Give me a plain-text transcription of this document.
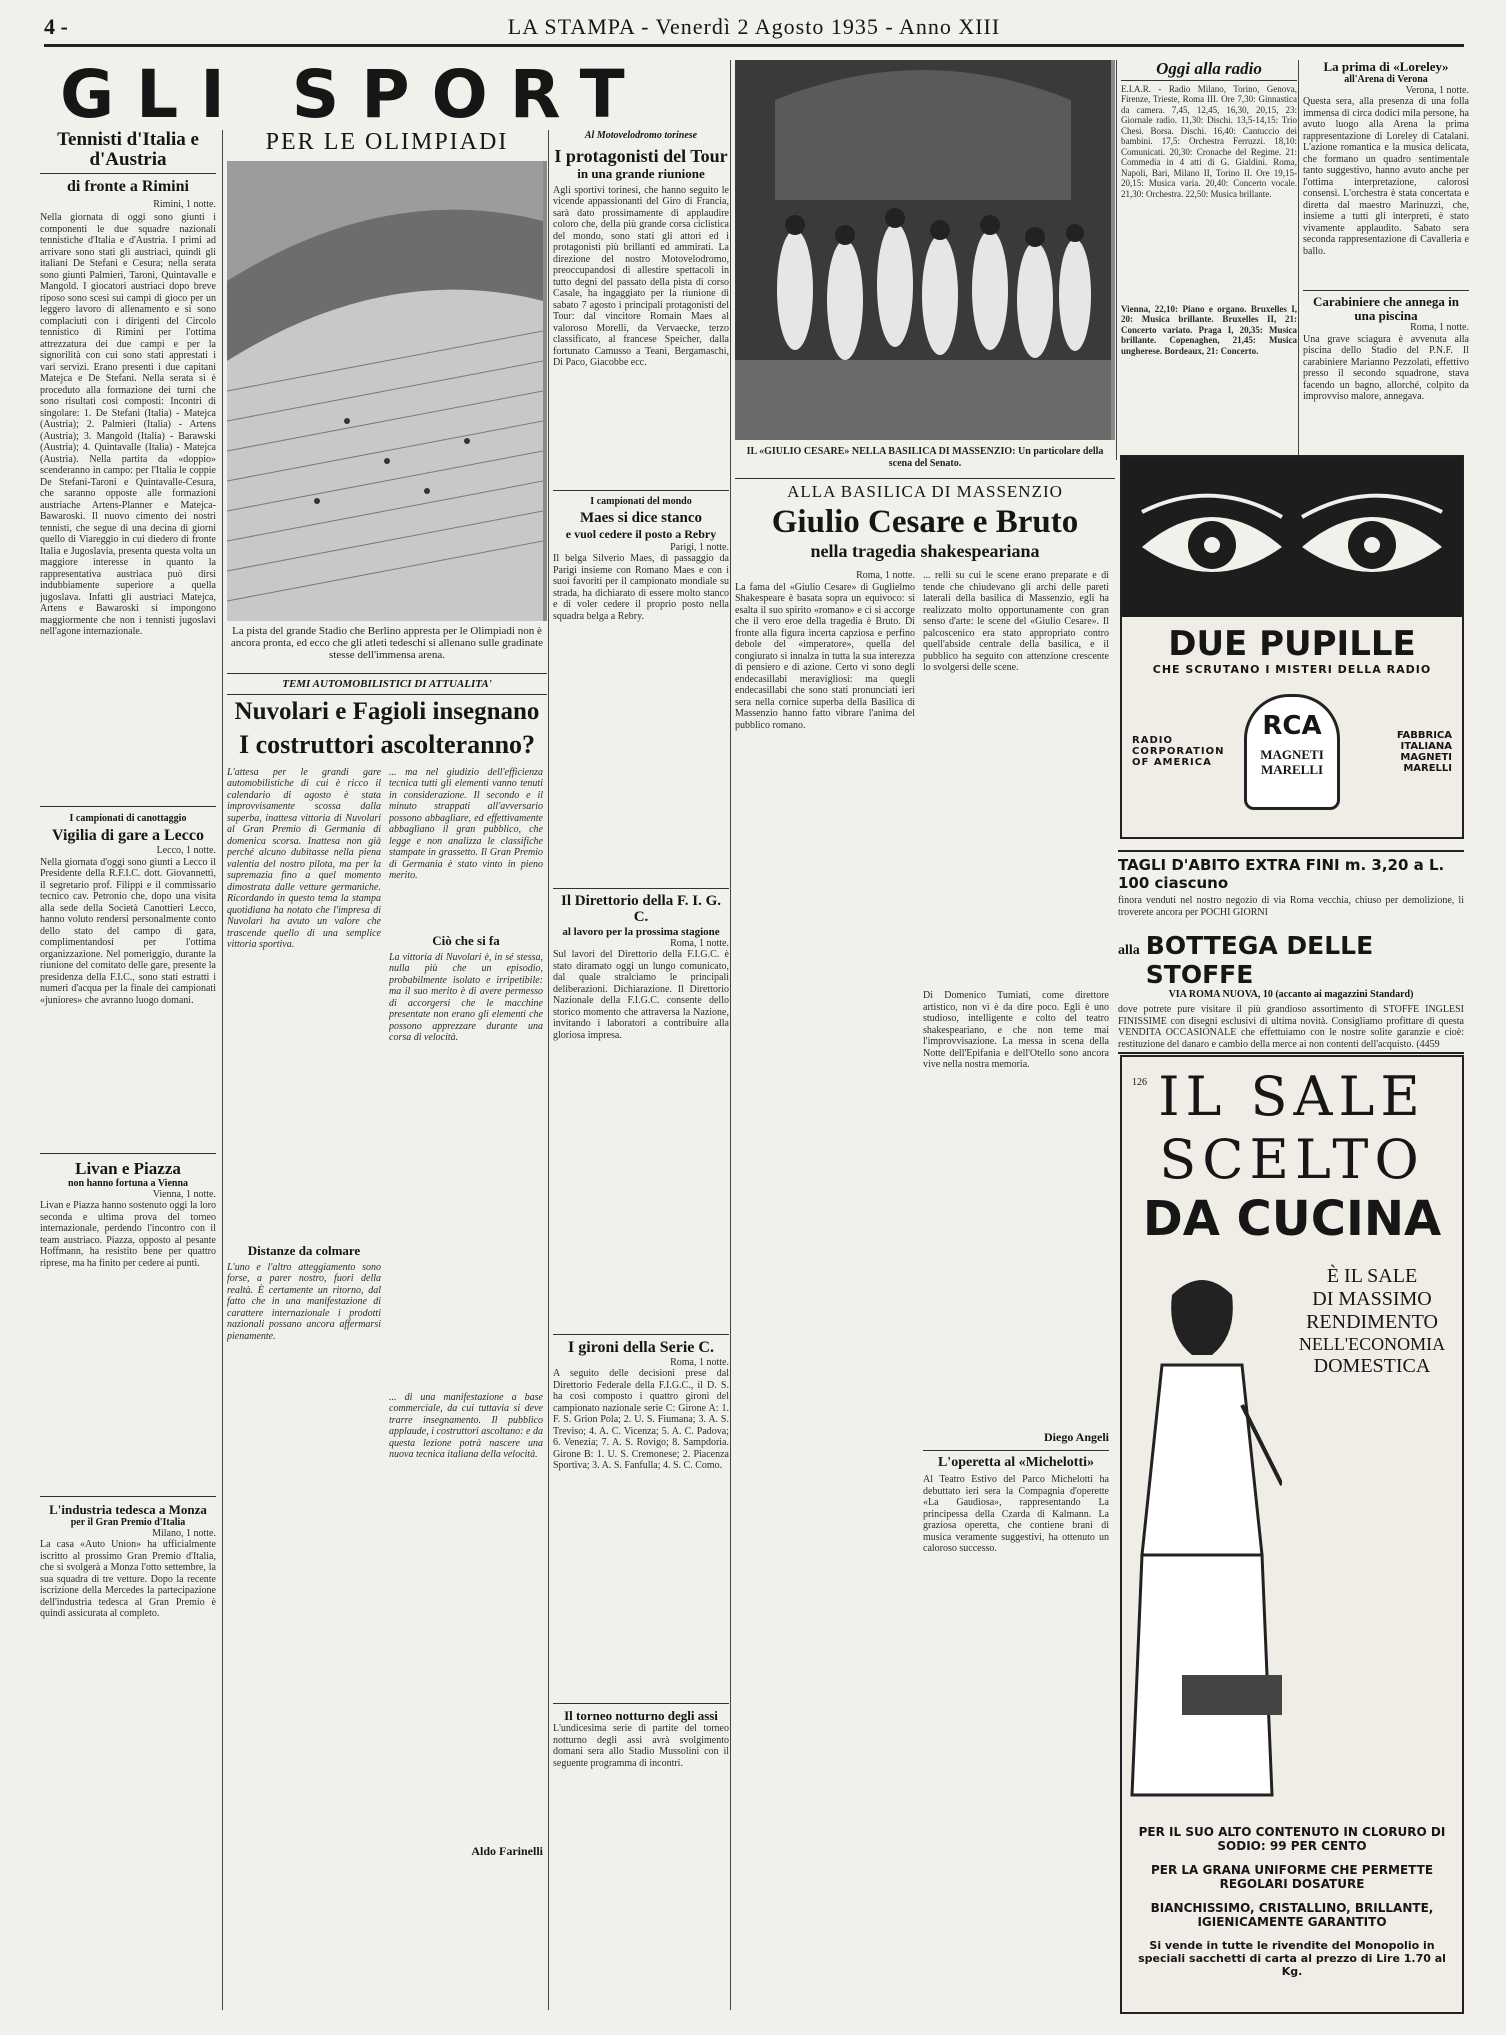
4 -	LA STAMPA - Venerdì 2 Agosto 1935 - Anno XIII
GLI SPORT
Tennisti d'Italia e d'Austria
di fronte a Rimini
Rimini, 1 notte.
Nella giornata di oggi sono giunti i componenti le due squadre nazionali tennistiche d'Italia e d'Austria. I primi ad arrivare sono stati gli austriaci, quindi gli italiani De Stefani e Cesura; nella serata sono giunti Palmieri, Taroni, Quintavalle e Mangold. I giocatori austriaci dopo breve riposo sono scesi sui campi di gioco per un leggero lavoro di allenamento e si sono complaciuti con i dirigenti del Circolo tennistico di Rimini per l'ottima attrezzatura dei due campi e per la signorilità con cui sono stati apprestati i vari servizi. Erano presenti i due capitani Matejca e De Stefani. Nella serata si è proceduto alla formazione dei turni che sono risultati così composti: Incontri di singolare: 1. De Stefani (Italia) - Matejca (Austria); 2. Palmieri (Italia) - Artens (Austria); 3. Mangold (Italia) - Barawski (Austria); 4. Quintavalle (Italia) - Matejca (Austria). Nella partita da «doppio» scenderanno in campo: per l'Italia le coppie De Stefani-Taroni e Quintavalle-Cesura, che saranno opposte alle formazioni austriache Artens-Planner e Matejca-Bawaroski. Il nuovo cimento dei nostri tennisti, che segue di una decina di giorni quello di Viareggio in cui diedero di fronte Italia e Jugoslavia, presenta questa volta un maggiore interesse in quanto la rappresentativa austriaca può dirsi indubbiamente superiore a quella jugoslava. Infatti gli austriaci Matejca, Artens e Bawaroski si impongono maggiormente che non i tennisti jugoslavi nell'agone internazionale.
I campionati di canottaggio
Vigilia di gare a Lecco
Lecco, 1 notte.
Nella giornata d'oggi sono giunti a Lecco il Presidente della R.F.I.C. dott. Giovannetti, il segretario prof. Filippi e il commissario tecnico cav. Petronio che, dopo una visita alla sede della Società Canottieri Lecco, hanno voluto rendersi personalmente conto dello stato del campo di gara, complimentandosi per l'ottima organizzazione. Nel pomeriggio, durante la riunione del comitato delle gare, presente la presidenza della F.I.C., sono stati estratti i numeri d'acqua per la finale dei campionati «juniores» che avranno luogo domani.
Livan e Piazza
non hanno fortuna a Vienna
Vienna, 1 notte.
Livan e Piazza hanno sostenuto oggi la loro seconda e ultima prova del torneo internazionale, perdendo l'incontro con il team austriaco. Piazza, opposto al pesante Hoffmann, ha resistito bene per quattro riprese, ma ha finito per cedere ai punti.
L'industria tedesca a Monza
per il Gran Premio d'Italia
Milano, 1 notte.
La casa «Auto Union» ha ufficialmente iscritto al prossimo Gran Premio d'Italia, che si svolgerà a Monza l'otto settembre, la sua squadra di tre vetture. Dopo la recente iscrizione della Mercedes la partecipazione dell'industria tedesca al Gran Premio è quindi assicurata al completo.
PER LE OLIMPIADI
La pista del grande Stadio che Berlino appresta per le Olimpiadi non è ancora pronta, ed ecco che gli atleti tedeschi si allenano sulle gradinate stesse dell'immensa arena.
TEMI AUTOMOBILISTICI DI ATTUALITA'
Nuvolari e Fagioli insegnano
I costruttori ascolteranno?
L'attesa per le grandi gare automobilistiche di cui è ricco il calendario di agosto è stata improvvisamente scossa dalla superba, inattesa vittoria di Nuvolari al Gran Premio di Germania di domenica scorsa. Inattesa non già perché alcuno dubitasse nella piena valentia del nostro pilota, ma per la supremazia fino a quel momento dimostrata dalle vetture germaniche. Ricordando in questo tema la stampa quotidiana ha notato che l'impresa di Nuvolari ha avuto un valore che trascende quello di una semplice vittoria sportiva.
Distanze da colmare
L'uno e l'altro atteggiamento sono forse, a parer nostro, fuori della realtà. È certamente un ritorno, dal fatto che in una manifestazione di carattere internazionale i prodotti nazionali possano ancora affermarsi pienamente.
... ma nel giudizio dell'efficienza tecnica tutti gli elementi vanno tenuti in considerazione. Il secondo e il minuto strappati all'avversario possono abbagliare, ed effettivamente abbagliano il gran pubblico, che legge e non analizza le classifiche stampate in grassetto. Il Gran Premio di Germania è stato vinto in pieno merito.
Ciò che si fa
La vittoria di Nuvolari è, in sé stessa, nulla più che un episodio, probabilmente isolato e irripetibile: ma il suo merito è di avere permesso di accorgersi che le macchine presentate non erano gli elementi che possono apprezzare durante una corsa di velocità.
... di una manifestazione a base commerciale, da cui tuttavia si deve trarre insegnamento. Il pubblico applaude, i costruttori ascoltano: e da questa lezione potrà nascere una nuova tecnica italiana della velocità.
Aldo Farinelli
Al Motovelodromo torinese
I protagonisti del Tour
in una grande riunione
Agli sportivi torinesi, che hanno seguito le vicende appassionanti del Giro di Francia, sarà dato prossimamente di applaudire coloro che, della più grande corsa ciclistica del mondo, sono stati gli attori ed i protagonisti più brillanti ed ammirati. La direzione del nostro Motovelodromo, preoccupandosi di allestire spettacoli in tutto degni del passato della pista di corso Casale, ha ingaggiato per la riunione di sabato 7 agosto i principali protagonisti del Tour: dal vincitore Romain Maes al valoroso Morelli, da Vervaecke, terzo classificato, al francese Speicher, dalla fortunato Camusso a Teani, Bergamaschi, Di Paco, Giacobbe ecc.
I campionati del mondo
Maes si dice stanco
e vuol cedere il posto a Rebry
Parigi, 1 notte.
Il belga Silverio Maes, di passaggio da Parigi insieme con Romano Maes e con i suoi favoriti per il campionato mondiale su strada, ha dichiarato di essere molto stanco e di voler cedere il proprio posto nella squadra belga a Rebry.
Il Direttorio della F. I. G. C.
al lavoro per la prossima stagione
Roma, 1 notte.
Sul lavori del Direttorio della F.I.G.C. è stato diramato oggi un lungo comunicato, dal quale stralciamo le principali deliberazioni. Dichiarazione. Il Direttorio Nazionale della F.I.G.C. consente dello storico momento che attraversa la Nazione, invitando i laboratori a contribuire alla gloriosa impresa.
I gironi della Serie C.
Roma, 1 notte.
A seguito delle decisioni prese dal Direttorio Federale della F.I.G.C., il D. S. ha così composto i quattro gironi del campionato nazionale serie C: Girone A: 1. F. S. Grion Pola; 2. U. S. Fiumana; 3. A. S. Treviso; 4. A. C. Vicenza; 5. A. C. Padova; 6. Venezia; 7. A. S. Rovigo; 8. Sampdoria. Girone B: 1. U. S. Cremonese; 2. Piacenza Sportiva; 3. A. S. Fanfulla; 4. S. C. Como.
Il torneo notturno degli assi
L'undicesima serie di partite del torneo notturno degli assi avrà svolgimento domani sera allo Stadio Mussolini con il seguente programma di incontri.
IL «GIULIO CESARE» NELLA BASILICA DI MASSENZIO: Un particolare della scena del Senato.
ALLA BASILICA DI MASSENZIO
Giulio Cesare e Bruto
nella tragedia shakespeariana
Roma, 1 notte.
La fama del «Giulio Cesare» di Guglielmo Shakespeare è basata sopra un equivoco: si esalta il suo spirito «romano» e ci si accorge che il vero eroe della tragedia è Bruto. Di fronte alla figura incerta capziosa e perfino debole del «imperatore», quella del congiurato si innalza in tutta la sua interezza di pensiero e di azione. Certo vi sono degli endecasillabi meravigliosi: ma quegli endecasillabi che sono stati pronunciati ieri sera nella cornice superba della Basilica di Massenzio hanno fatto vibrare l'anima del pubblico romano.
... relli su cui le scene erano preparate e di tende che chiudevano gli archi delle pareti laterali della basilica di Massenzio, egli ha realizzato molto opportunamente con gran senso d'arte: le scene del «Giulio Cesare». Il palcoscenico era stato appropriato contro quell'abside centrale della basilica, e il pubblico ha seguito con attenzione crescente lo svolgersi delle scene.
Di Domenico Tumiati, come direttore artistico, non vi è da dire poco. Egli è uno studioso, intelligente e colto del teatro shakespeariano, e che non teme mai l'improvvisazione. La messa in scena della Notte dell'Epifania e dell'Otello sono ancora vive nella nostra memoria.
Diego Angeli
L'operetta al «Michelotti»
Al Teatro Estivo del Parco Michelotti ha debuttato ieri sera la Compagnia d'operette «La Gaudiosa», rappresentando La principessa della Czarda di Kalmann. La graziosa operetta, che contiene brani di musica veramente suggestivi, ha ottenuto un caloroso successo.
Oggi alla radio
E.I.A.R. - Radio Milano, Torino, Genova, Firenze, Trieste, Roma III. Ore 7,30: Ginnastica da camera. 7,45, 12,45, 16,30, 20,15, 23: Giornale radio. 11,30: Dischi. 13,5-14,15: Trio Chesi. Borsa. Dischi. 16,40: Cantuccio dei bambini. 17,5: Orchestra Ferruzzi. 18,10: Comunicati. 20,30: Cronache del Regime. 21: Commedia in 4 atti di G. Gialdini. Roma, Napoli, Bari, Milano II, Torino II. Ore 19,15-20,15: Musica varia. 20,40: Concerto vocale. 21,30: Orchestra. 22,50: Musica brillante.
Vienna, 22,10: Piano e organo. Bruxelles I, 20: Musica brillante. Bruxelles II, 21: Concerto variato. Praga I, 20,35: Musica brillante. Copenaghen, 21,45: Musica ungherese. Bordeaux, 21: Concerto.
La prima di «Loreley»
all'Arena di Verona
Verona, 1 notte.
Questa sera, alla presenza di una folla immensa di circa dodici mila persone, ha avuto luogo alla Arena la prima rappresentazione di Loreley di Catalani. L'azione romantica e la musica delicata, che formano un quadro sentimentale tanto suggestivo, hanno avuto anche per l'ottima interpretazione, calorosi consensi. L'orchestra è stata concertata e diretta dal maestro Marinuzzi, che, insieme a tutti gli interpreti, è stato vivamente applaudito. Sabato sera seconda rappresentazione di Cavalleria e ballo.
Carabiniere che annega in una piscina
Roma, 1 notte.
Una grave sciagura è avvenuta alla piscina dello Stadio del P.N.F. Il carabiniere Marianno Pezzolati, effettivo presso il secondo squadrone, stava facendo un bagno, allorché, colpito da improvviso malore, annegava.
DUE PUPILLE
CHE SCRUTANO I MISTERI DELLA RADIO
RADIO CORPORATION OF AMERICA
RCA
MAGNETI MARELLI
FABBRICA ITALIANA MAGNETI MARELLI
TAGLI D'ABITO EXTRA FINI m. 3,20 a L. 100 ciascuno
finora venduti nel nostro negozio di via Roma vecchia, chiuso per demolizione, li troverete ancora per POCHI GIORNI
alla BOTTEGA DELLE STOFFE
VIA ROMA NUOVA, 10 (accanto ai magazzini Standard)
dove potrete pure visitare il più grandioso assortimento di STOFFE INGLESI FINISSIME con disegni esclusivi di ultima novità. Consigliamo profittare di questa VENDITA OCCASIONALE che effettuiamo con le nostre solite garanzie e cioè: restituzione del danaro e cambio della merce ai non contenti dell'acquisto. (4459
126 IL SALE
SCELTO
DA CUCINA
È IL SALE
DI MASSIMO
RENDIMENTO
NELL'ECONOMIA
DOMESTICA
PER IL SUO ALTO CONTENUTO IN CLORURO DI SODIO: 99 PER CENTO
PER LA GRANA UNIFORME CHE PERMETTE REGOLARI DOSATURE
BIANCHISSIMO, CRISTALLINO, BRILLANTE, IGIENICAMENTE GARANTITO
Si vende in tutte le rivendite del Monopolio in speciali sacchetti di carta al prezzo di Lire 1.70 al Kg.
